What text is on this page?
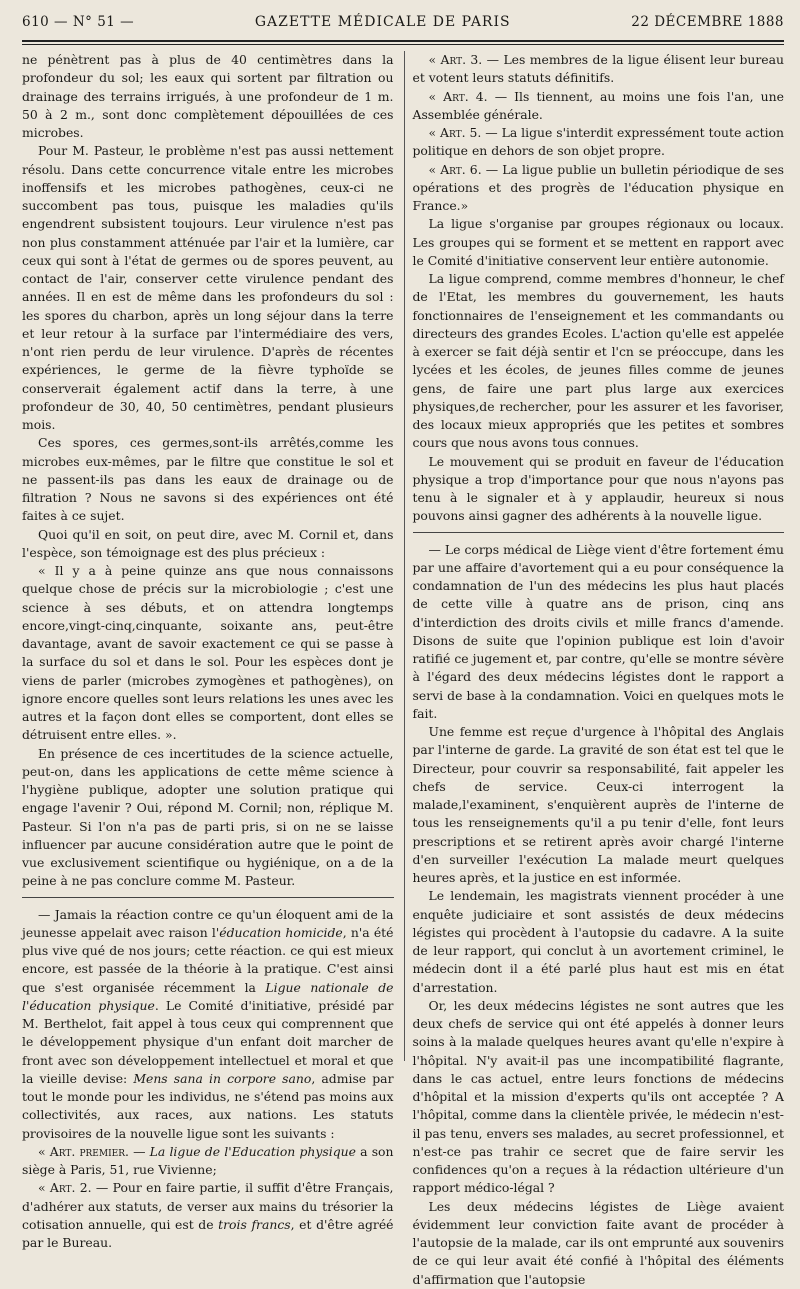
610 — N° 51 —	GAZETTE MÉDICALE DE PARIS	22 DÉCEMBRE 1888

ne pénètrent pas à plus de 40 centimètres dans la profondeur du sol; les eaux qui sortent par filtration ou drainage des terrains irrigués, à une profondeur de 1 m. 50 à 2 m., sont donc complètement dépouillées de ces microbes.

Pour M. Pasteur, le problème n'est pas aussi nettement résolu. Dans cette concurrence vitale entre les microbes inoffensifs et les microbes pathogènes, ceux-ci ne succombent pas tous, puisque les maladies qu'ils engendrent subsistent toujours. Leur virulence n'est pas non plus constamment atténuée par l'air et la lumière, car ceux qui sont à l'état de germes ou de spores peuvent, au contact de l'air, conserver cette virulence pendant des années. Il en est de même dans les profondeurs du sol : les spores du charbon, après un long séjour dans la terre et leur retour à la surface par l'intermédiaire des vers, n'ont rien perdu de leur virulence. D'après de récentes expériences, le germe de la fièvre typhoïde se conserverait également actif dans la terre, à une profondeur de 30, 40, 50 centimètres, pendant plusieurs mois.

Ces spores, ces germes,sont-ils arrêtés,comme les microbes eux-mêmes, par le filtre que constitue le sol et ne passent-ils pas dans les eaux de drainage ou de filtration ? Nous ne savons si des expériences ont été faites à ce sujet.

Quoi qu'il en soit, on peut dire, avec M. Cornil et, dans l'espèce, son témoignage est des plus précieux :

« Il y a à peine quinze ans que nous connaissons quelque chose de précis sur la microbiologie ; c'est une science à ses débuts, et on attendra longtemps encore,vingt-cinq,cinquante, soixante ans, peut-être davantage, avant de savoir exactement ce qui se passe à la surface du sol et dans le sol. Pour les espèces dont je viens de parler (microbes zymogènes et pathogènes), on ignore encore quelles sont leurs relations les unes avec les autres et la façon dont elles se comportent, dont elles se détruisent entre elles. ».

En présence de ces incertitudes de la science actuelle, peut-on, dans les applications de cette même science à l'hygiène publique, adopter une solution pratique qui engage l'avenir ? Oui, répond M. Cornil; non, réplique M. Pasteur. Si l'on n'a pas de parti pris, si on ne se laisse influencer par aucune considération autre que le point de vue exclusivement scientifique ou hygiénique, on a de la peine à ne pas conclure comme M. Pasteur.

— Jamais la réaction contre ce qu'un éloquent ami de la jeunesse appelait avec raison l'éducation homicide, n'a été plus vive qué de nos jours; cette réaction. ce qui est mieux encore, est passée de la théorie à la pratique. C'est ainsi que s'est organisée récemment la Ligue nationale de l'éducation physique. Le Comité d'initiative, présidé par M. Berthelot, fait appel à tous ceux qui comprennent que le développement physique d'un enfant doit marcher de front avec son développement intellectuel et moral et que la vieille devise: Mens sana in corpore sano, admise par tout le monde pour les individus, ne s'étend pas moins aux collectivités, aux races, aux nations. Les statuts provisoires de la nouvelle ligue sont les suivants :

« Art. premier. — La ligue de l'Education physique a son siège à Paris, 51, rue Vivienne;

« Art. 2. — Pour en faire partie, il suffit d'être Français, d'adhérer aux statuts, de verser aux mains du trésorier la cotisation annuelle, qui est de trois francs, et d'être agréé par le Bureau.

« Art. 3. — Les membres de la ligue élisent leur bureau et votent leurs statuts définitifs.

« Art. 4. — Ils tiennent, au moins une fois l'an, une Assemblée générale.

« Art. 5. — La ligue s'interdit expressément toute action politique en dehors de son objet propre.

« Art. 6. — La ligue publie un bulletin périodique de ses opérations et des progrès de l'éducation physique en France.»

La ligue s'organise par groupes régionaux ou locaux. Les groupes qui se forment et se mettent en rapport avec le Comité d'initiative conservent leur entière autonomie.

La ligue comprend, comme membres d'honneur, le chef de l'Etat, les membres du gouvernement, les hauts fonctionnaires de l'enseignement et les commandants ou directeurs des grandes Ecoles. L'action qu'elle est appelée à exercer se fait déjà sentir et l'cn se préoccupe, dans les lycées et les écoles, de jeunes filles comme de jeunes gens, de faire une part plus large aux exercices physiques,de rechercher, pour les assurer et les favoriser, des locaux mieux appropriés que les petites et sombres cours que nous avons tous connues.

Le mouvement qui se produit en faveur de l'éducation physique a trop d'importance pour que nous n'ayons pas tenu à le signaler et à y applaudir, heureux si nous pouvons ainsi gagner des adhérents à la nouvelle ligue.

— Le corps médical de Liège vient d'être fortement ému par une affaire d'avortement qui a eu pour conséquence la condamnation de l'un des médecins les plus haut placés de cette ville à quatre ans de prison, cinq ans d'interdiction des droits civils et mille francs d'amende. Disons de suite que l'opinion publique est loin d'avoir ratifié ce jugement et, par contre, qu'elle se montre sévère à l'égard des deux médecins légistes dont le rapport a servi de base à la condamnation. Voici en quelques mots le fait.

Une femme est reçue d'urgence à l'hôpital des Anglais par l'interne de garde. La gravité de son état est tel que le Directeur, pour couvrir sa responsabilité, fait appeler les chefs de service. Ceux-ci interrogent la malade,l'examinent, s'enquièrent auprès de l'interne de tous les renseignements qu'il a pu tenir d'elle, font leurs prescriptions et se retirent après avoir chargé l'interne d'en surveiller l'exécution La malade meurt quelques heures après, et la justice en est informée.

Le lendemain, les magistrats viennent procéder à une enquête judiciaire et sont assistés de deux médecins légistes qui procèdent à l'autopsie du cadavre. A la suite de leur rapport, qui conclut à un avortement criminel, le médecin dont il a été parlé plus haut est mis en état d'arrestation.

Or, les deux médecins légistes ne sont autres que les deux chefs de service qui ont été appelés à donner leurs soins à la malade quelques heures avant qu'elle n'expire à l'hôpital. N'y avait-il pas une incompatibilité flagrante, dans le cas actuel, entre leurs fonctions de médecins d'hôpital et la mission d'experts qu'ils ont acceptée ? A l'hôpital, comme dans la clientèle privée, le médecin n'est-il pas tenu, envers ses malades, au secret professionnel, et n'est-ce pas trahir ce secret que de faire servir les confidences qu'on a reçues à la rédaction ultérieure d'un rapport médico-légal ?

Les deux médecins légistes de Liège avaient évidemment leur conviction faite avant de procéder à l'autopsie de la malade, car ils ont emprunté aux souvenirs de ce qui leur avait été confié à l'hôpital des éléments d'affirmation que l'autopsie
